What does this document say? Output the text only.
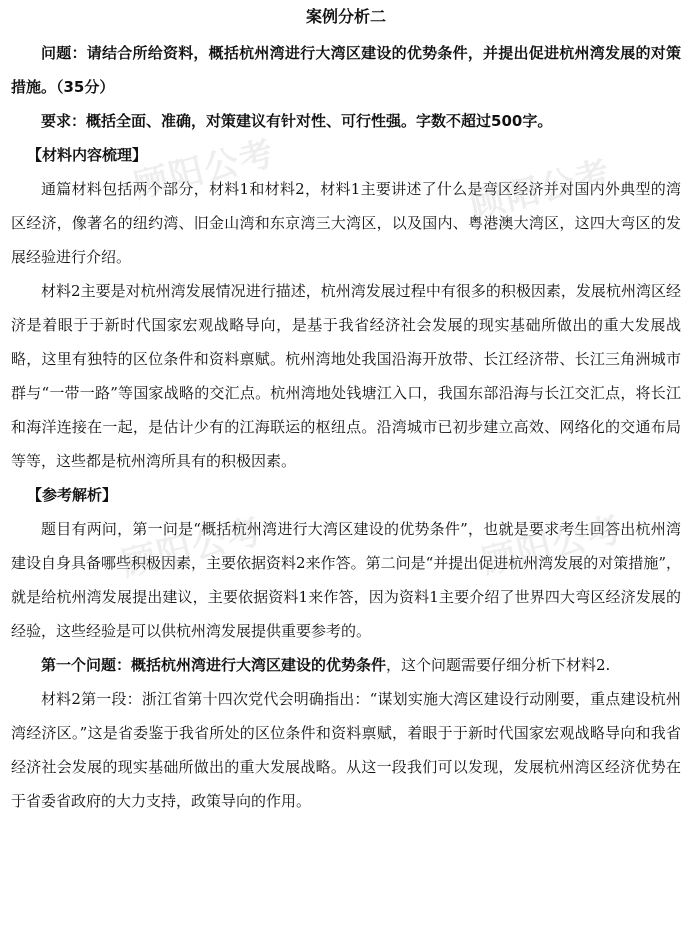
案例分析二

问题：请结合所给资料，概括杭州湾进行大湾区建设的优势条件，并提出促进杭州湾发展的对策措施。（35分）

要求：概括全面、准确，对策建议有针对性、可行性强。字数不超过500字。

【材料内容梳理】

通篇材料包括两个部分，材料1和材料2，材料1主要讲述了什么是弯区经济并对国内外典型的湾区经济，像著名的纽约湾、旧金山湾和东京湾三大湾区，以及国内、粤港澳大湾区，这四大弯区的发展经验进行介绍。

材料2主要是对杭州湾发展情况进行描述，杭州湾发展过程中有很多的积极因素，发展杭州湾区经济是着眼于于新时代国家宏观战略导向，是基于我省经济社会发展的现实基础所做出的重大发展战略，这里有独特的区位条件和资料禀赋。杭州湾地处我国沿海开放带、长江经济带、长江三角洲城市群与“一带一路”等国家战略的交汇点。杭州湾地处钱塘江入口，我国东部沿海与长江交汇点，将长江和海洋连接在一起，是估计少有的江海联运的枢纽点。沿湾城市已初步建立高效、网络化的交通布局等等，这些都是杭州湾所具有的积极因素。

【参考解析】

题目有两问，第一问是“概括杭州湾进行大湾区建设的优势条件”，也就是要求考生回答出杭州湾建设自身具备哪些积极因素，主要依据资料2来作答。第二问是“并提出促进杭州湾发展的对策措施”，就是给杭州湾发展提出建议，主要依据资料1来作答，因为资料1主要介绍了世界四大弯区经济发展的经验，这些经验是可以供杭州湾发展提供重要参考的。

第一个问题：概括杭州湾进行大湾区建设的优势条件，这个问题需要仔细分析下材料2.

材料2第一段：浙江省第十四次党代会明确指出：“谋划实施大湾区建设行动刚要，重点建设杭州湾经济区。”这是省委鉴于我省所处的区位条件和资料禀赋，着眼于于新时代国家宏观战略导向和我省经济社会发展的现实基础所做出的重大发展战略。从这一段我们可以发现，发展杭州湾区经济优势在于省委省政府的大力支持，政策导向的作用。

顾阳公考	顾阳公考
顾阳公考	顾阳公考
